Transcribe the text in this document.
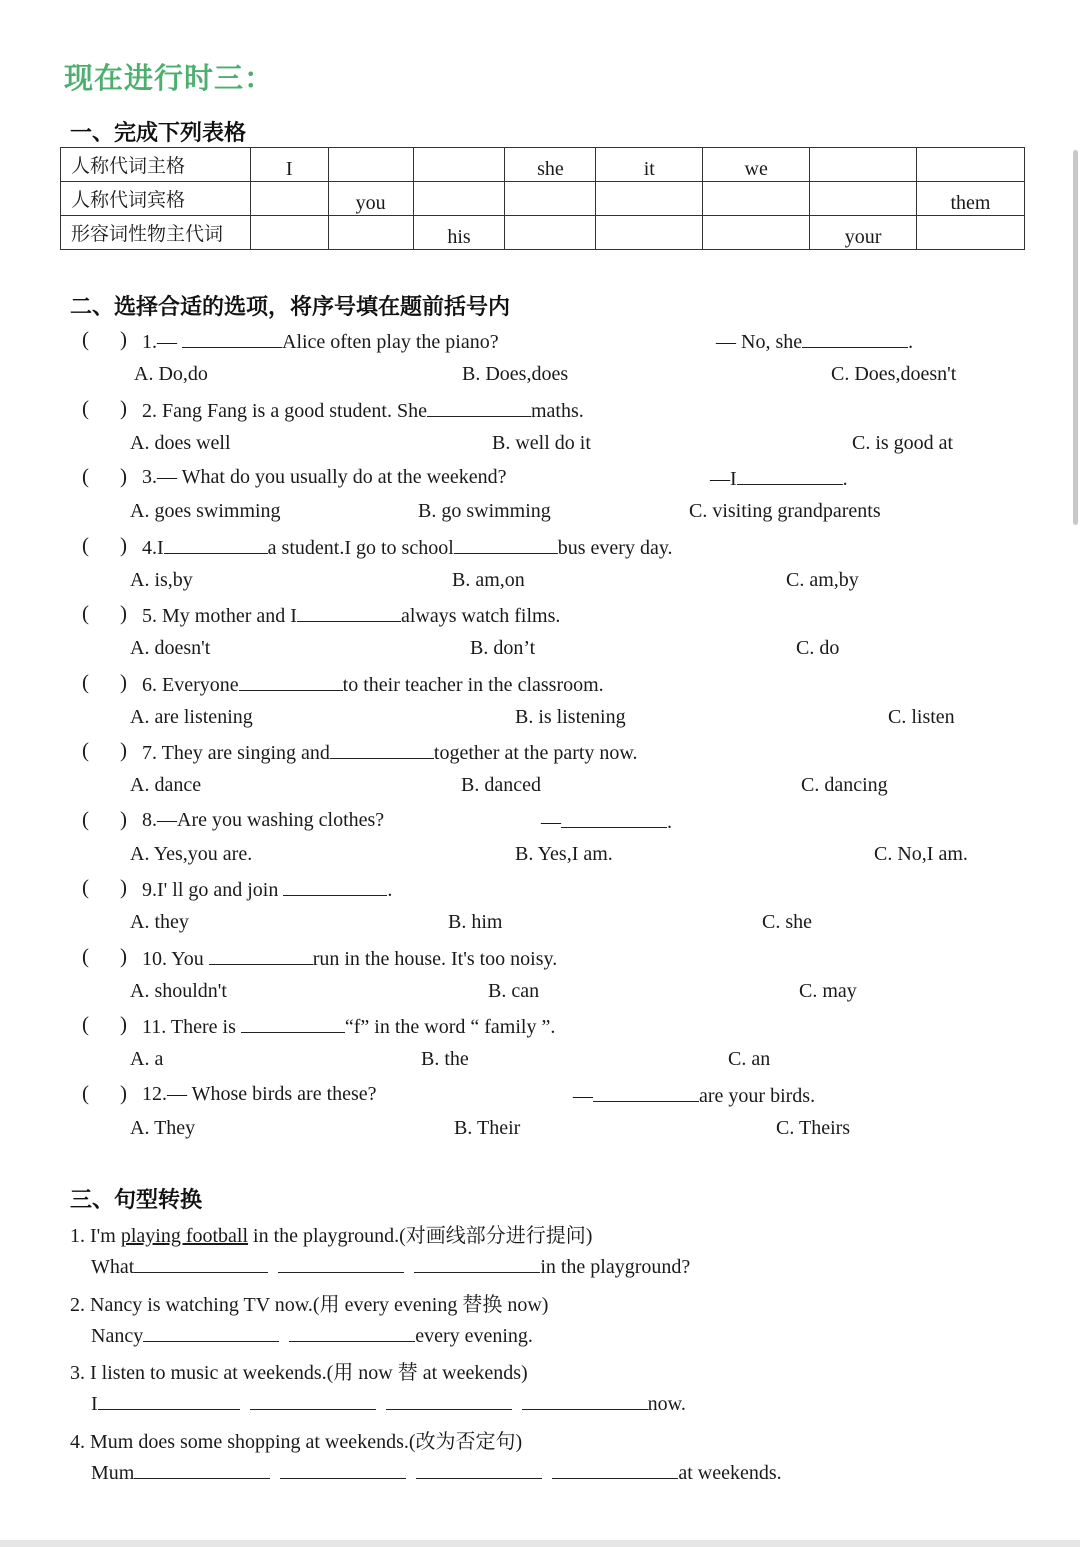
现在进行时三：
一、完成下列表格
人称代词主格	I			she	it	we		
人称代词宾格		you						them
形容词性物主代词			his				your	
二、选择合适的选项，将序号填在题前括号内
( ) 1.—	Alice often play the piano?	— No, she	.
A. Do,do	B. Does,does	C. Does,doesn't
( ) 2. Fang Fang is a good student. She	maths.
A. does well	B. well do it	C. is good at
( ) 3.— What do you usually do at the weekend?	—I	.
A. goes swimming	B. go swimming	C. visiting grandparents
( ) 4.I	a student.I go to school	bus every day.
A. is,by	B. am,on	C. am,by
( ) 5. My mother and I	always watch films.
A. doesn't	B. don’t	C. do
( ) 6. Everyone	to their teacher in the classroom.
A. are listening	B. is listening	C. listen
( ) 7. They are singing and	together at the party now.
A. dance	B. danced	C. dancing
( ) 8.—Are you washing clothes?	—	.
A. Yes,you are.	B. Yes,I am.	C. No,I am.
( ) 9.I' ll go and join	.
A. they	B. him	C. she
( ) 10. You	run in the house. It's too noisy.
A. shouldn't	B. can	C. may
( ) 11. There is	“f” in the word “ family ”.
A. a	B. the	C. an
( ) 12.— Whose birds are these?	—	are your birds.
A. They	B. Their	C. Theirs
三、句型转换
1. I'm playing football in the playground.(对画线部分进行提问)
What	in the playground?
2. Nancy is watching TV now.(用 every evening 替换 now)
Nancy	every evening.
3. I listen to music at weekends.(用 now 替 at weekends)
I	now.
4. Mum does some shopping at weekends.(改为否定句)
Mum	at weekends.
